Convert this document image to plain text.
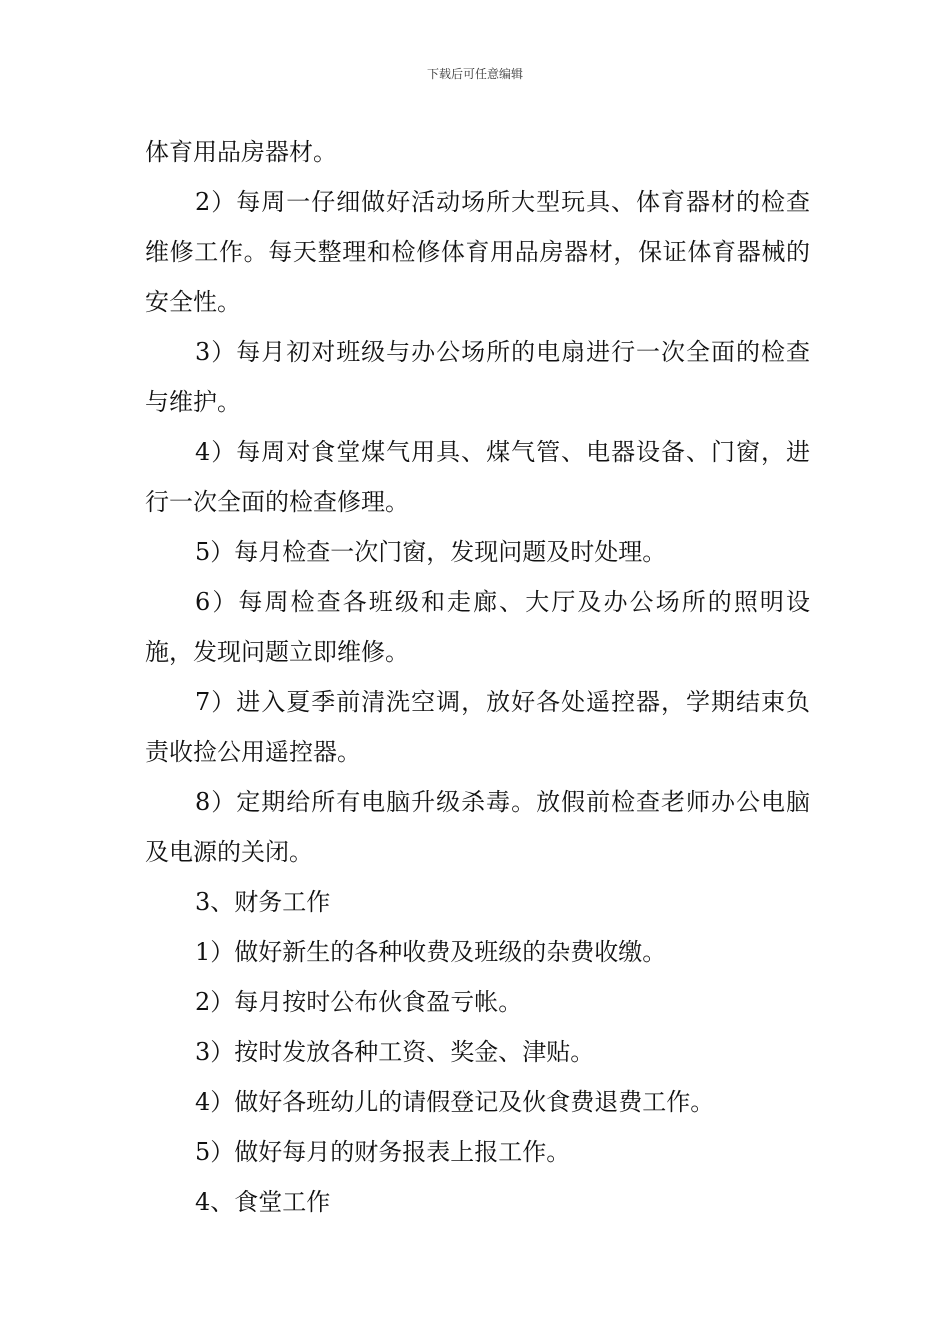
下载后可任意编辑

体育用品房器材。

2）每周一仔细做好活动场所大型玩具、体育器材的检查维修工作。每天整理和检修体育用品房器材，保证体育器械的安全性。

3）每月初对班级与办公场所的电扇进行一次全面的检查与维护。

4）每周对食堂煤气用具、煤气管、电器设备、门窗，进行一次全面的检查修理。

5）每月检查一次门窗，发现问题及时处理。

6）每周检查各班级和走廊、大厅及办公场所的照明设施，发现问题立即维修。

7）进入夏季前清洗空调，放好各处遥控器，学期结束负责收捡公用遥控器。

8）定期给所有电脑升级杀毒。放假前检查老师办公电脑及电源的关闭。

3、财务工作

1）做好新生的各种收费及班级的杂费收缴。

2）每月按时公布伙食盈亏帐。

3）按时发放各种工资、奖金、津贴。

4）做好各班幼儿的请假登记及伙食费退费工作。

5）做好每月的财务报表上报工作。

4、食堂工作
